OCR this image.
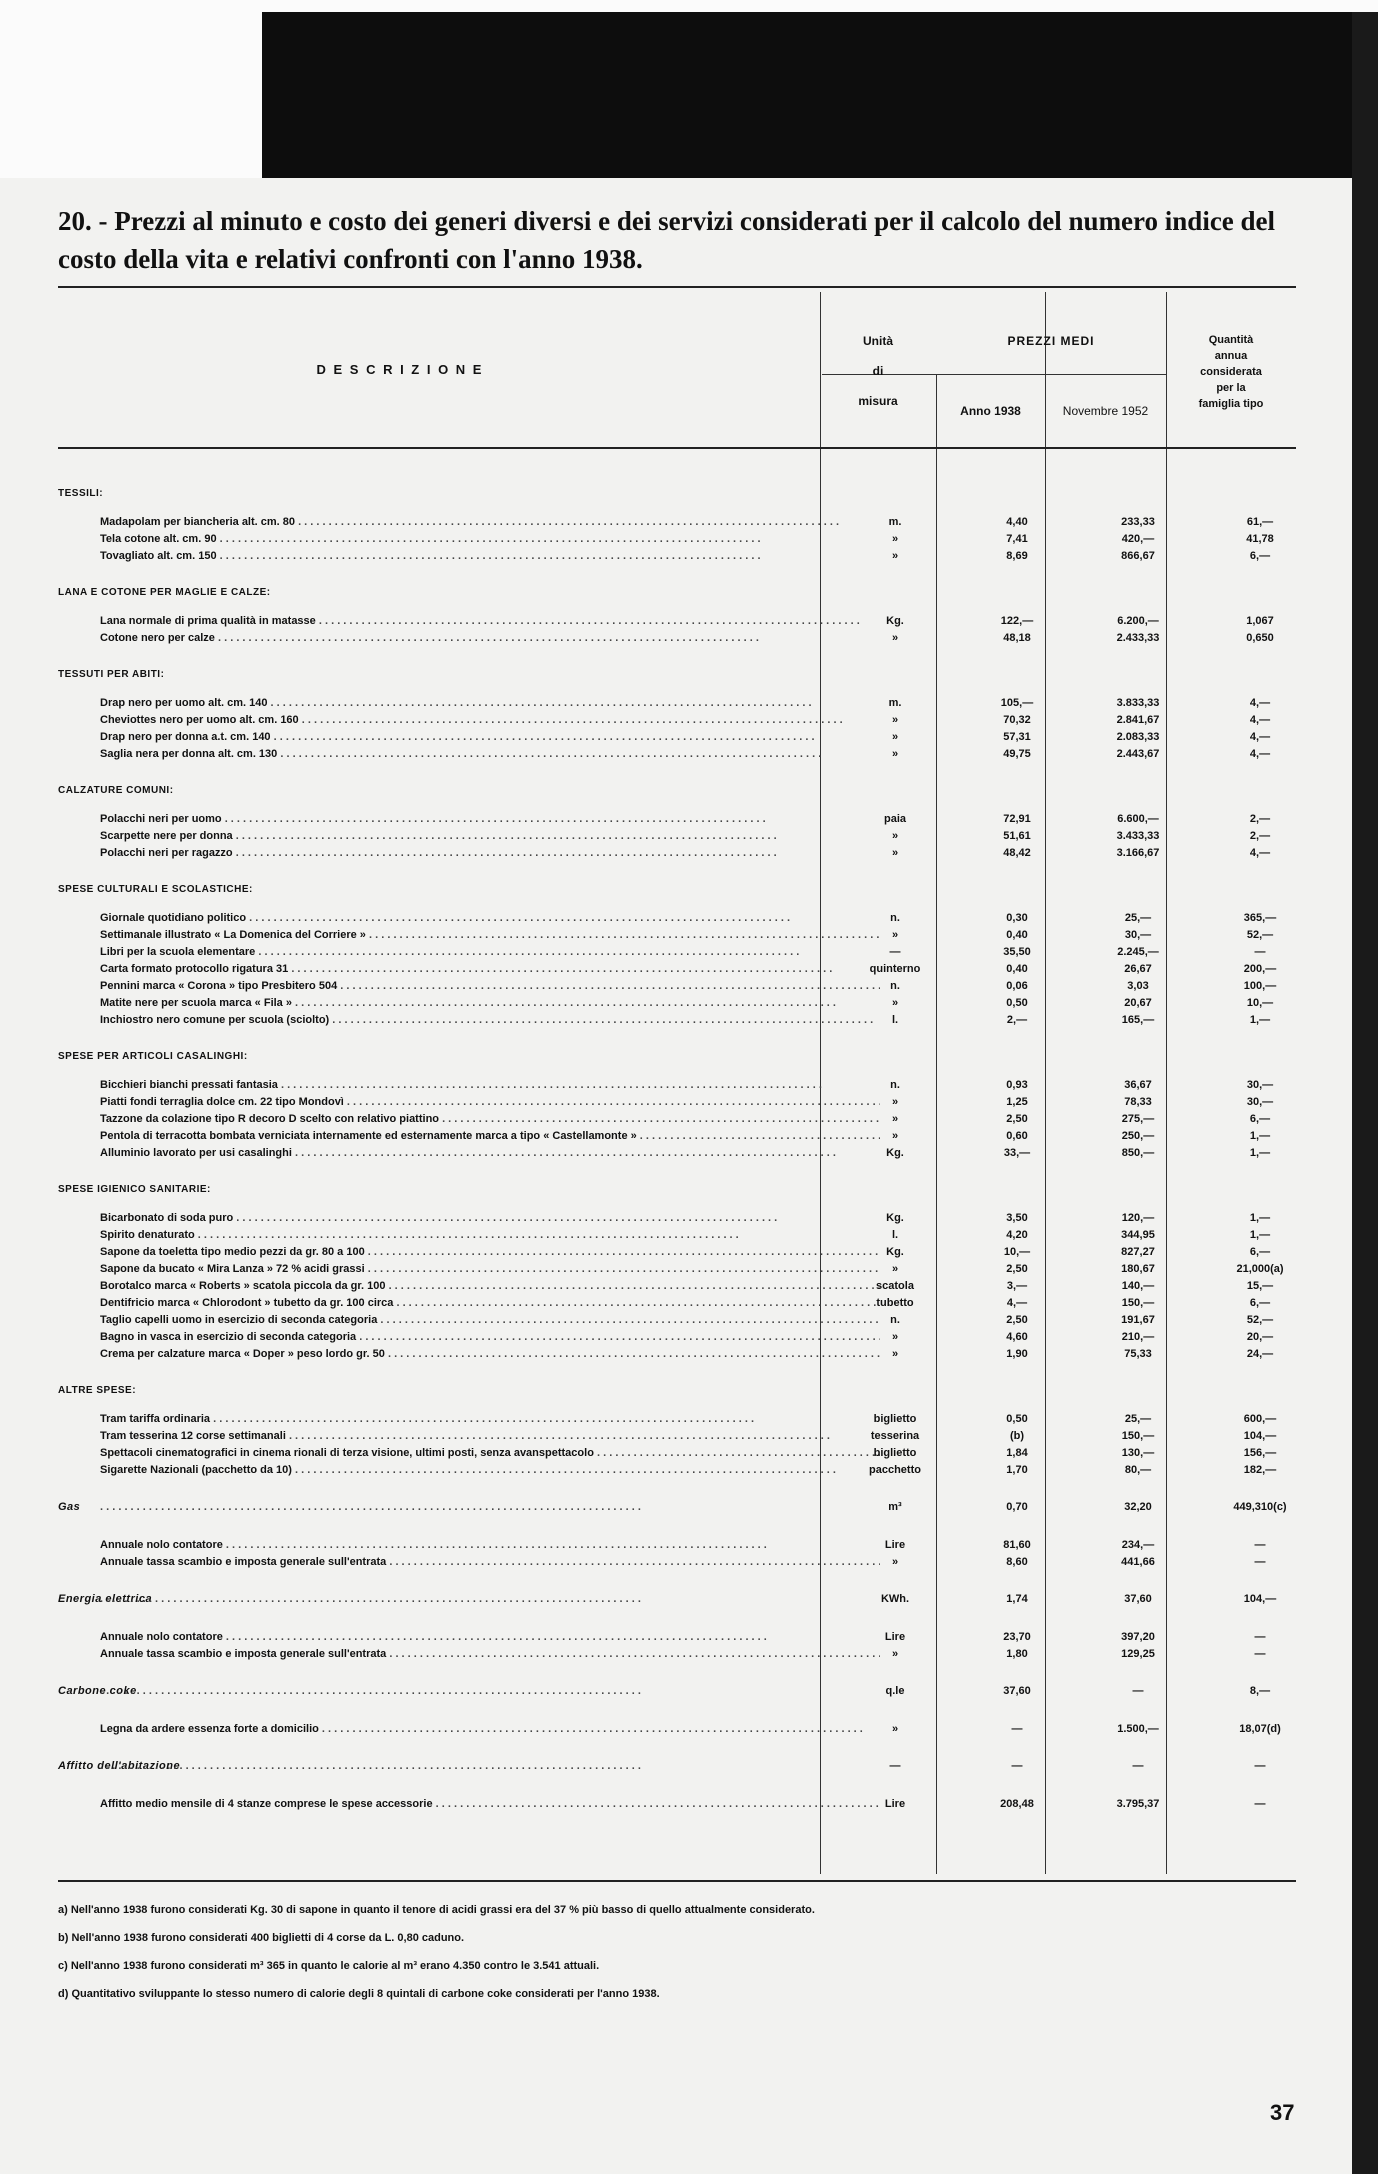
20. - Prezzi al minuto e costo dei generi diversi e dei servizi considerati per il calcolo del numero indice del costo della vita e relativi confronti con l'anno 1938.
D E S C R I Z I O N E
Unità
di
misura
PREZZI MEDI
Anno 1938	Novembre 1952
Quantità
annua
considerata
per la
famiglia tipo
TESSILI:
Madapolam per biancheria alt. cm. 80 . . .	m.	4,40	233,33	61,—
Tela cotone alt. cm. 90 . . .	»	7,41	420,—	41,78
Tovagliato alt. cm. 150 . . .	»	8,69	866,67	6,—
LANA E COTONE PER MAGLIE E CALZE:
Lana normale di prima qualità in matasse . . .	Kg.	122,—	6.200,—	1,067
Cotone nero per calze . . .	»	48,18	2.433,33	0,650
TESSUTI PER ABITI:
Drap nero per uomo alt. cm. 140 . . .	m.	105,—	3.833,33	4,—
Cheviottes nero per uomo alt. cm. 160 . . .	»	70,32	2.841,67	4,—
Drap nero per donna a.t. cm. 140 . . .	»	57,31	2.083,33	4,—
Saglia nera per donna alt. cm. 130 . . .	»	49,75	2.443,67	4,—
CALZATURE COMUNI:
Polacchi neri per uomo . . .	paia	72,91	6.600,—	2,—
Scarpette nere per donna . . .	»	51,61	3.433,33	2,—
Polacchi neri per ragazzo . . .	»	48,42	3.166,67	4,—
SPESE CULTURALI E SCOLASTICHE:
Giornale quotidiano politico . . .	n.	0,30	25,—	365,—
Settimanale illustrato « La Domenica del Corriere » . . .	»	0,40	30,—	52,—
Libri per la scuola elementare . . .	—	35,50	2.245,—	—
Carta formato protocollo rigatura 31 . . .	quinterno	0,40	26,67	200,—
Pennini marca « Corona » tipo Presbitero 504 . . .	n.	0,06	3,03	100,—
Matite nere per scuola marca « Fila » . . .	»	0,50	20,67	10,—
Inchiostro nero comune per scuola (sciolto) . . .	l.	2,—	165,—	1,—
SPESE PER ARTICOLI CASALINGHI:
Bicchieri bianchi pressati fantasia . . .	n.	0,93	36,67	30,—
Piatti fondi terraglia dolce cm. 22 tipo Mondovì . . .	»	1,25	78,33	30,—
Tazzone da colazione tipo R decoro D scelto con relativo piattino . . .	»	2,50	275,—	6,—
Pentola di terracotta bombata verniciata internamente ed esternamente marca a tipo « Castellamonte » . . .	»	0,60	250,—	1,—
Alluminio lavorato per usi casalinghi . . .	Kg.	33,—	850,—	1,—
SPESE IGIENICO SANITARIE:
Bicarbonato di soda puro . . .	Kg.	3,50	120,—	1,—
Spirito denaturato . . .	l.	4,20	344,95	1,—
Sapone da toeletta tipo medio pezzi da gr. 80 a 100 . . .	Kg.	10,—	827,27	6,—
Sapone da bucato « Mira Lanza » 72 % acidi grassi . . .	»	2,50	180,67	21,000(a)
Borotalco marca « Roberts » scatola piccola da gr. 100 . . .	scatola	3,—	140,—	15,—
Dentifricio marca « Chlorodont » tubetto da gr. 100 circa . . .	tubetto	4,—	150,—	6,—
Taglio capelli uomo in esercizio di seconda categoria . . .	n.	2,50	191,67	52,—
Bagno in vasca in esercizio di seconda categoria . . .	»	4,60	210,—	20,—
Crema per calzature marca « Doper » peso lordo gr. 50 . . .	»	1,90	75,33	24,—
ALTRE SPESE:
Tram tariffa ordinaria . . .	biglietto	0,50	25,—	600,—
Tram tesserina 12 corse settimanali . . .	tesserina	(b)	150,—	104,—
Spettacoli cinematografici in cinema rionali di terza visione, ultimi posti, senza avanspettacolo . . .	biglietto	1,84	130,—	156,—
Sigarette Nazionali (pacchetto da 10) . . .	pacchetto	1,70	80,—	182,—
Gas . . .	m³	0,70	32,20	449,310(c)
Annuale nolo contatore . . .	Lire	81,60	234,—	—
Annuale tassa scambio e imposta generale sull'entrata . . .	»	8,60	441,66	—
Energia elettrica . . .	KWh.	1,74	37,60	104,—
Annuale nolo contatore . . .	Lire	23,70	397,20	—
Annuale tassa scambio e imposta generale sull'entrata . . .	»	1,80	129,25	—
Carbone coke . . .	q.le	37,60	—	8,—
Legna da ardere essenza forte a domicilio . . .	»	—	1.500,—	18,07(d)
Affitto dell'abitazione . . .	—	—	—	—
Affitto medio mensile di 4 stanze comprese le spese accessorie . . .	Lire	208,48	3.795,37	—
a) Nell'anno 1938 furono considerati Kg. 30 di sapone in quanto il tenore di acidi grassi era del 37 % più basso di quello attualmente considerato.
b) Nell'anno 1938 furono considerati 400 biglietti di 4 corse da L. 0,80 caduno.
c) Nell'anno 1938 furono considerati m³ 365 in quanto le calorie al m³ erano 4.350 contro le 3.541 attuali.
d) Quantitativo sviluppante lo stesso numero di calorie degli 8 quintali di carbone coke considerati per l'anno 1938.
37
